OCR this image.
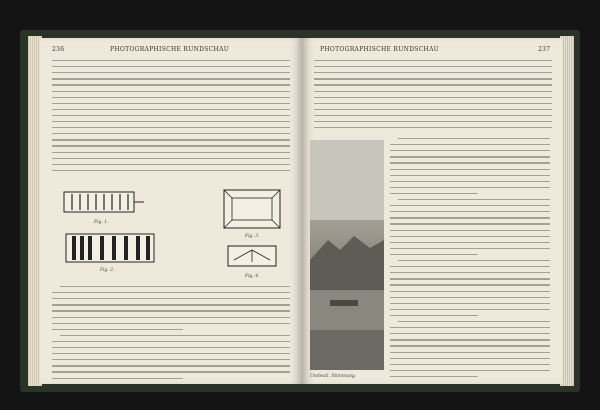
236	PHOTOGRAPHISCHE RUNDSCHAU
Fig. 1.
Fig. 2.
Fig. 3.
Fig. 4.
PHOTOGRAPHISCHE RUNDSCHAU	237
Undeutl. Stimmung.
